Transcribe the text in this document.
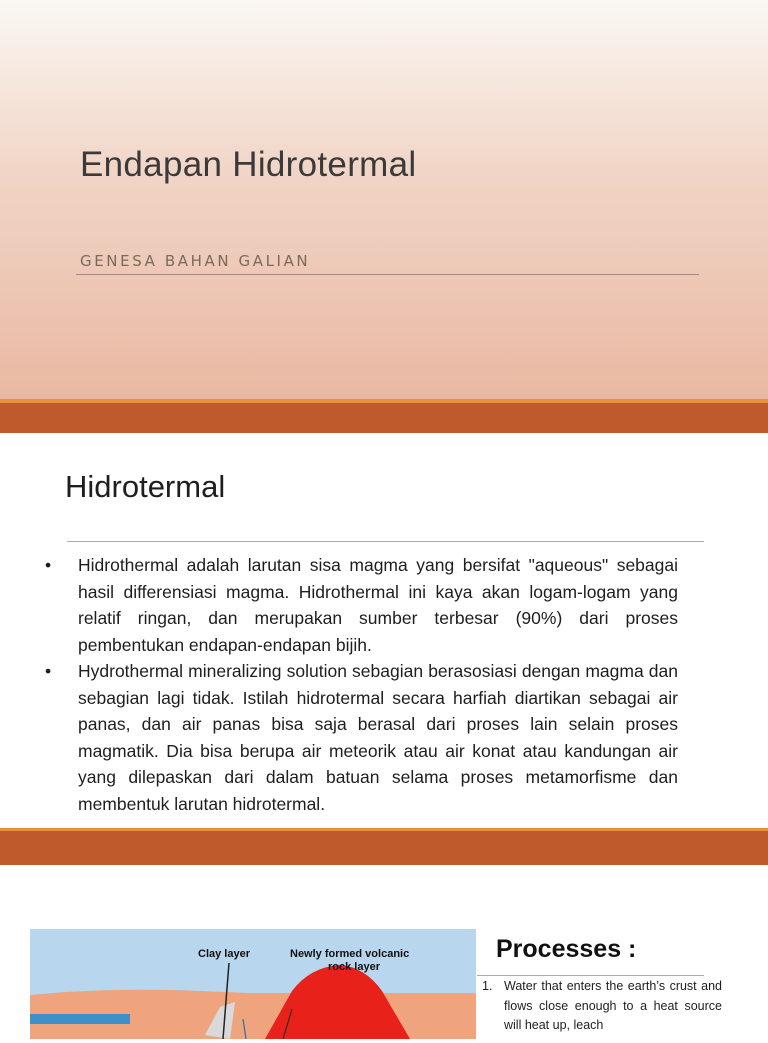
Endapan Hidrotermal
GENESA BAHAN GALIAN
Hidrotermal
• Hidrothermal adalah larutan sisa magma yang bersifat "aqueous" sebagai hasil differensiasi magma. Hidrothermal ini kaya akan logam-logam yang relatif ringan, dan merupakan sumber terbesar (90%) dari proses pembentukan endapan-endapan bijih.
• Hydrothermal mineralizing solution sebagian berasosiasi dengan magma dan sebagian lagi tidak. Istilah hidrotermal secara harfiah diartikan sebagai air panas, dan air panas bisa saja berasal dari proses lain selain proses magmatik. Dia bisa berupa air meteorik atau air konat atau kandungan air yang dilepaskan dari dalam batuan selama proses metamorfisme dan membentuk larutan hidrotermal.
Clay layer	Newly formed volcanic
rock layer
Processes :
1. Water that enters the earth’s crust and flows close enough to a heat source will heat up, leach
